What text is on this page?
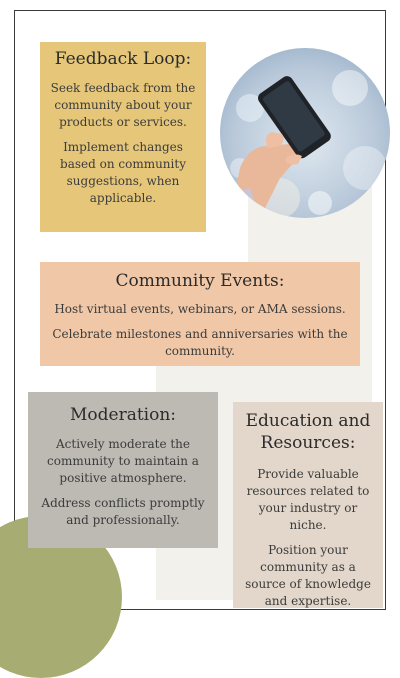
Feedback Loop:

Seek feedback from the community about your products or services.

Implement changes based on community suggestions, when applicable.

Community Events:

Host virtual events, webinars, or AMA sessions.

Celebrate milestones and anniversaries with the community.

Moderation:

Actively moderate the community to maintain a positive atmosphere.

Address conflicts promptly and professionally.

Education and Resources:

Provide valuable resources related to your industry or niche.

Position your community as a source of knowledge and expertise.
